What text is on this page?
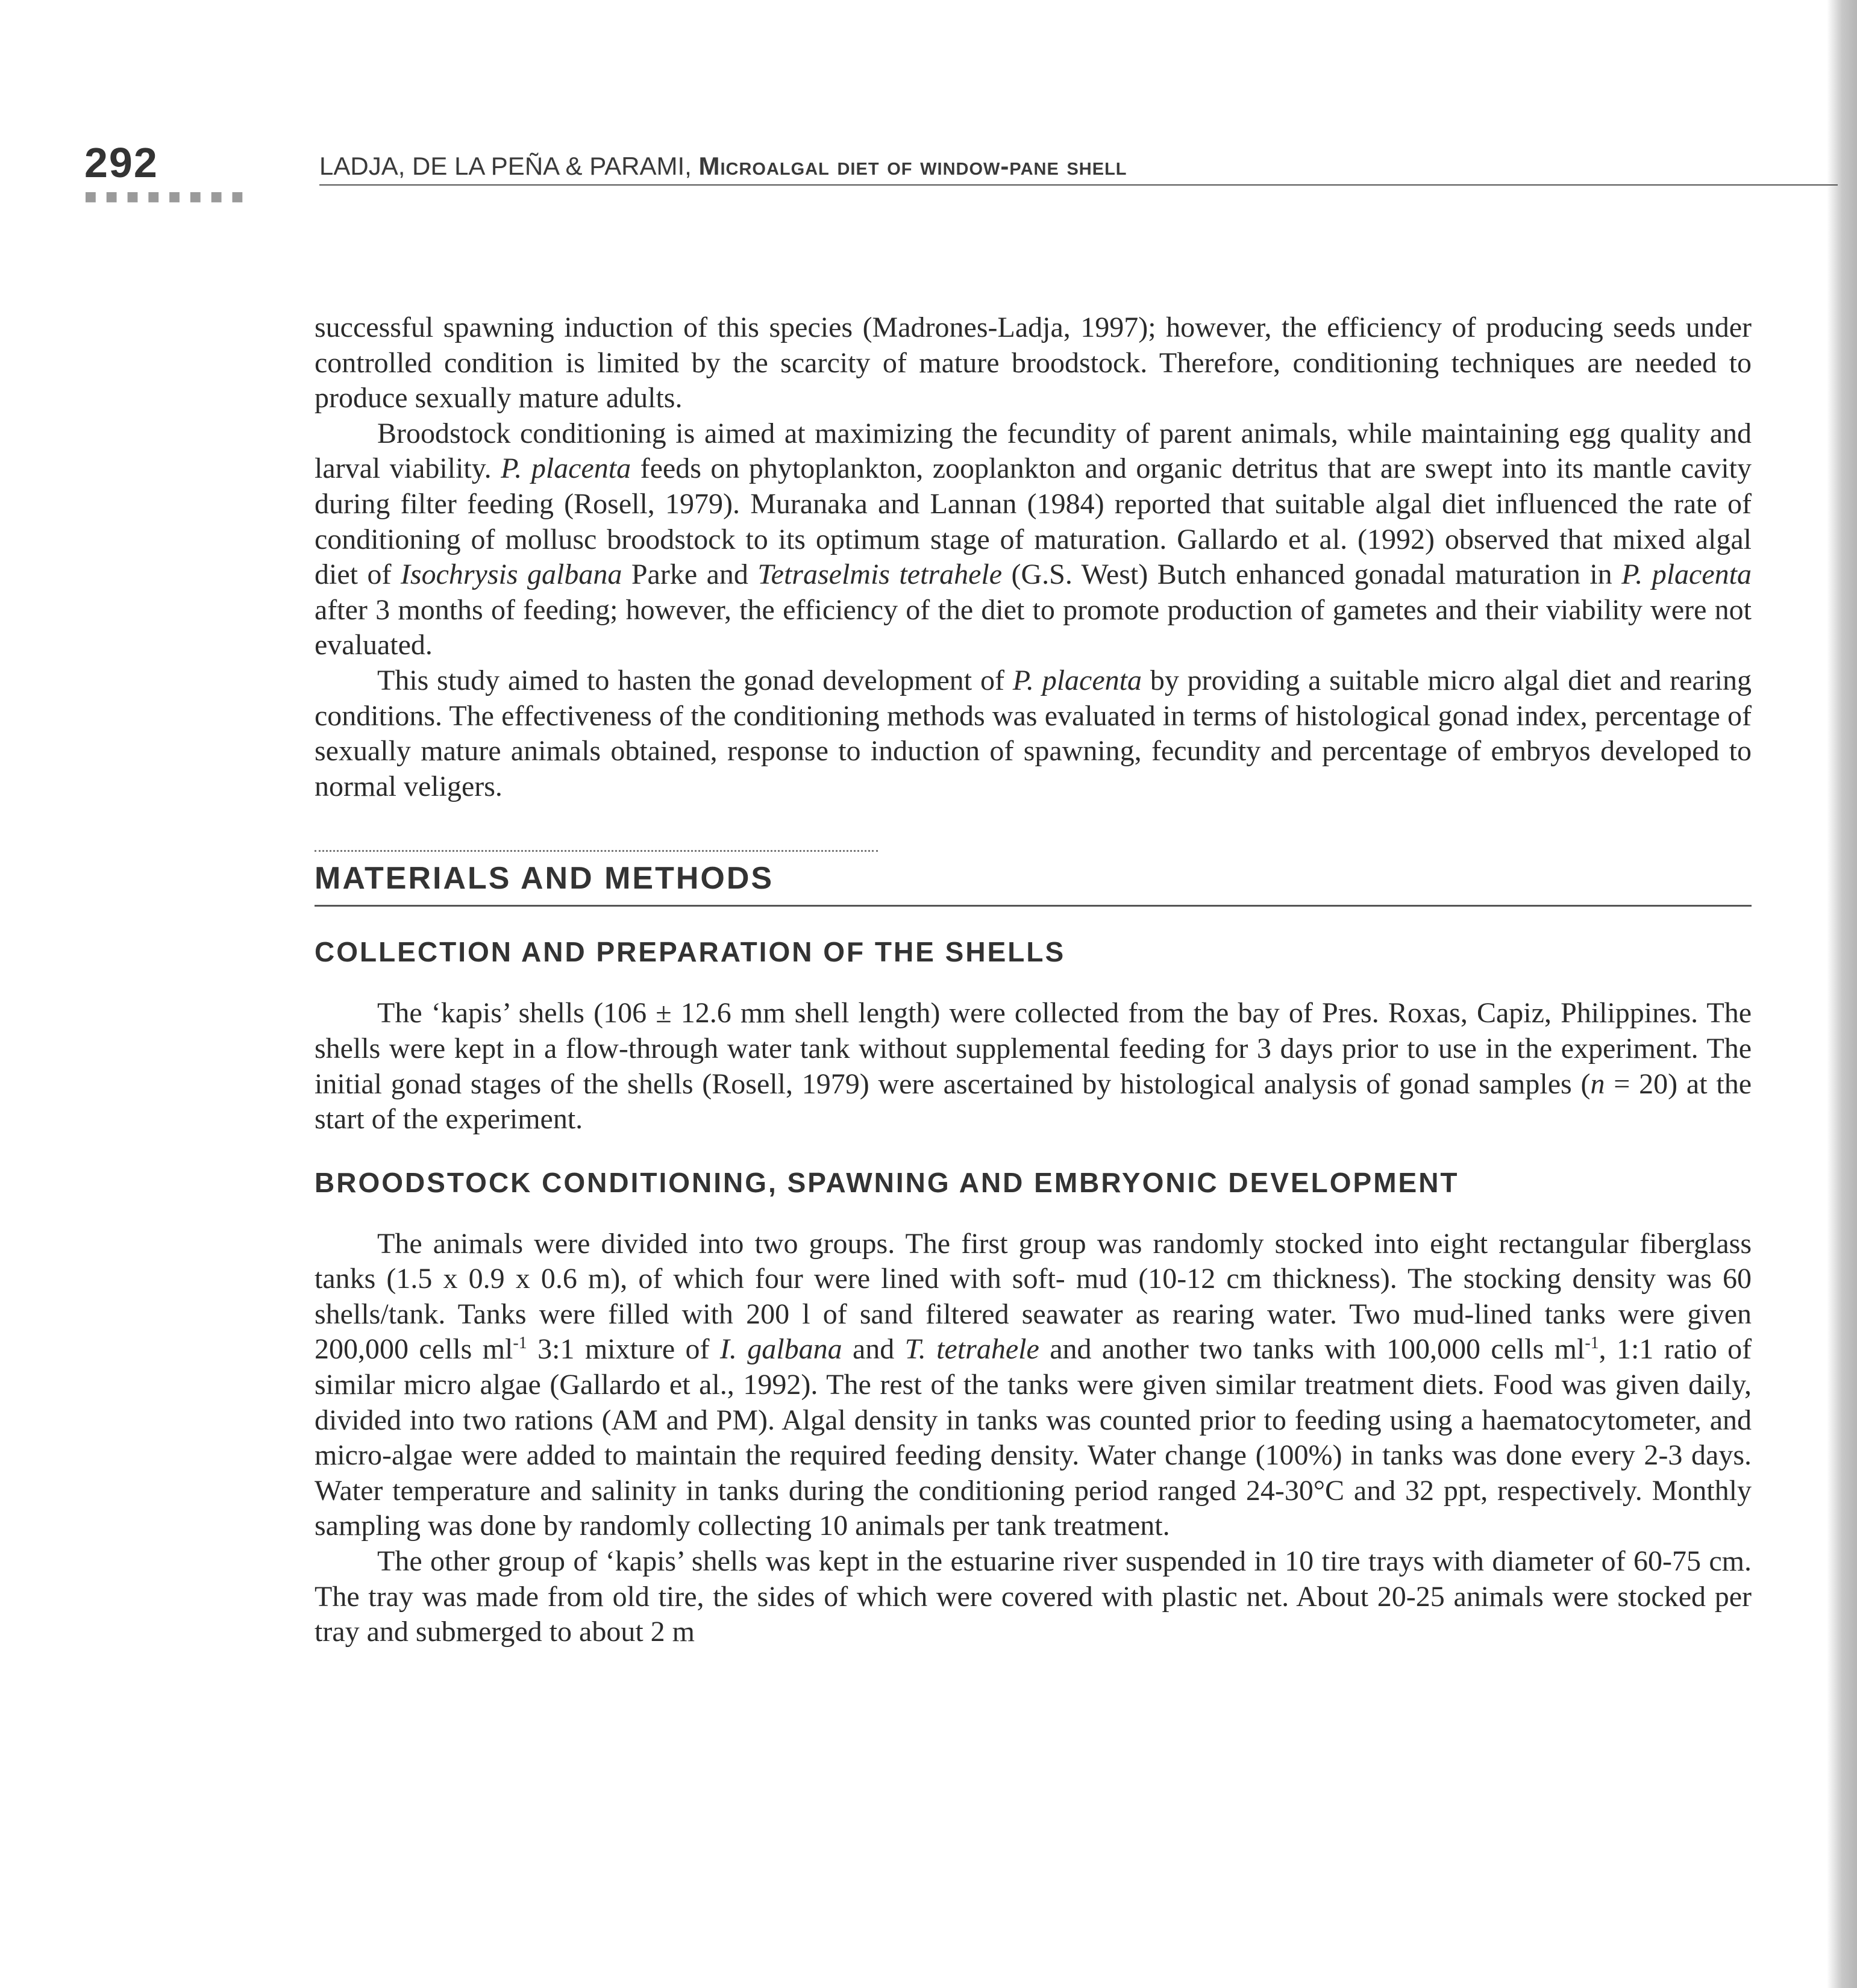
292
■■■■■■■■
LADJA, DE LA PEÑA & PARAMI, Microalgal diet of window-pane shell

successful spawning induction of this species (Madrones-Ladja, 1997); however, the efficiency of producing seeds under controlled condition is limited by the scarcity of mature broodstock. Therefore, conditioning techniques are needed to produce sexually mature adults.

Broodstock conditioning is aimed at maximizing the fecundity of parent animals, while maintaining egg quality and larval viability. P. placenta feeds on phytoplankton, zooplankton and organic detritus that are swept into its mantle cavity during filter feeding (Rosell, 1979). Muranaka and Lannan (1984) reported that suitable algal diet influenced the rate of conditioning of mollusc broodstock to its optimum stage of maturation. Gallardo et al. (1992) observed that mixed algal diet of Isochrysis galbana Parke and Tetraselmis tetrahele (G.S. West) Butch enhanced gonadal maturation in P. placenta after 3 months of feeding; however, the efficiency of the diet to promote production of gametes and their viability were not evaluated.

This study aimed to hasten the gonad development of P. placenta by providing a suitable micro algal diet and rearing conditions. The effectiveness of the conditioning methods was evaluated in terms of histological gonad index, percentage of sexually mature animals obtained, response to induction of spawning, fecundity and percentage of embryos developed to normal veligers.

MATERIALS AND METHODS
COLLECTION AND PREPARATION OF THE SHELLS

The ‘kapis’ shells (106 ± 12.6 mm shell length) were collected from the bay of Pres. Roxas, Capiz, Philippines. The shells were kept in a flow-through water tank without supplemental feeding for 3 days prior to use in the experiment. The initial gonad stages of the shells (Rosell, 1979) were ascertained by histological analysis of gonad samples (n = 20) at the start of the experiment.

BROODSTOCK CONDITIONING, SPAWNING AND EMBRYONIC DEVELOPMENT

The animals were divided into two groups. The first group was randomly stocked into eight rectangular fiberglass tanks (1.5 x 0.9 x 0.6 m), of which four were lined with soft- mud (10-12 cm thickness). The stocking density was 60 shells/tank. Tanks were filled with 200 l of sand filtered seawater as rearing water. Two mud-lined tanks were given 200,000 cells $ml^{-1}$ 3:1 mixture of I. galbana and T. tetrahele and another two tanks with 100,000 cells $ml^{-1}$, 1:1 ratio of similar micro algae (Gallardo et al., 1992). The rest of the tanks were given similar treatment diets. Food was given daily, divided into two rations (AM and PM). Algal density in tanks was counted prior to feeding using a haematocytometer, and micro-algae were added to maintain the required feeding density. Water change (100%) in tanks was done every 2-3 days. Water temperature and salinity in tanks during the conditioning period ranged 24-30°C and 32 ppt, respectively. Monthly sampling was done by randomly collecting 10 animals per tank treatment.

The other group of ‘kapis’ shells was kept in the estuarine river suspended in 10 tire trays with diameter of 60-75 cm. The tray was made from old tire, the sides of which were covered with plastic net. About 20-25 animals were stocked per tray and submerged to about 2 m
